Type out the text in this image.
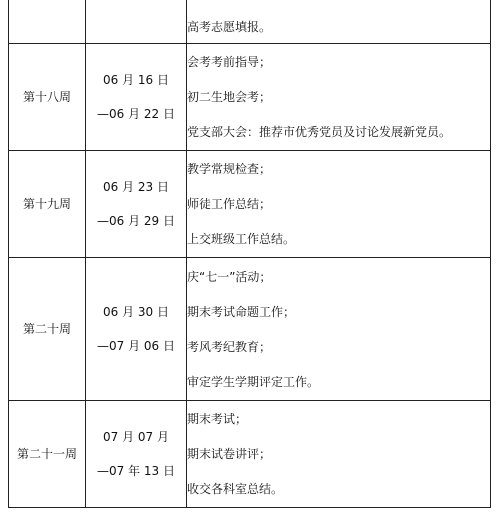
		高考志愿填报。

第十八周	06 月 16 日
—06 月 22 日	会考考前指导；
初二生地会考；
党支部大会：推荐市优秀党员及讨论发展新党员。

第十九周	06 月 23 日
—06 月 29 日	教学常规检查；
师徒工作总结；
上交班级工作总结。

第二十周	06 月 30 日
—07 月 06 日	庆“七一”活动；
期末考试命题工作；
考风考纪教育；
审定学生学期评定工作。

第二十一周	07 月 07 月
—07 年 13 日	期末考试；
期末试卷讲评；
收交各科室总结。
